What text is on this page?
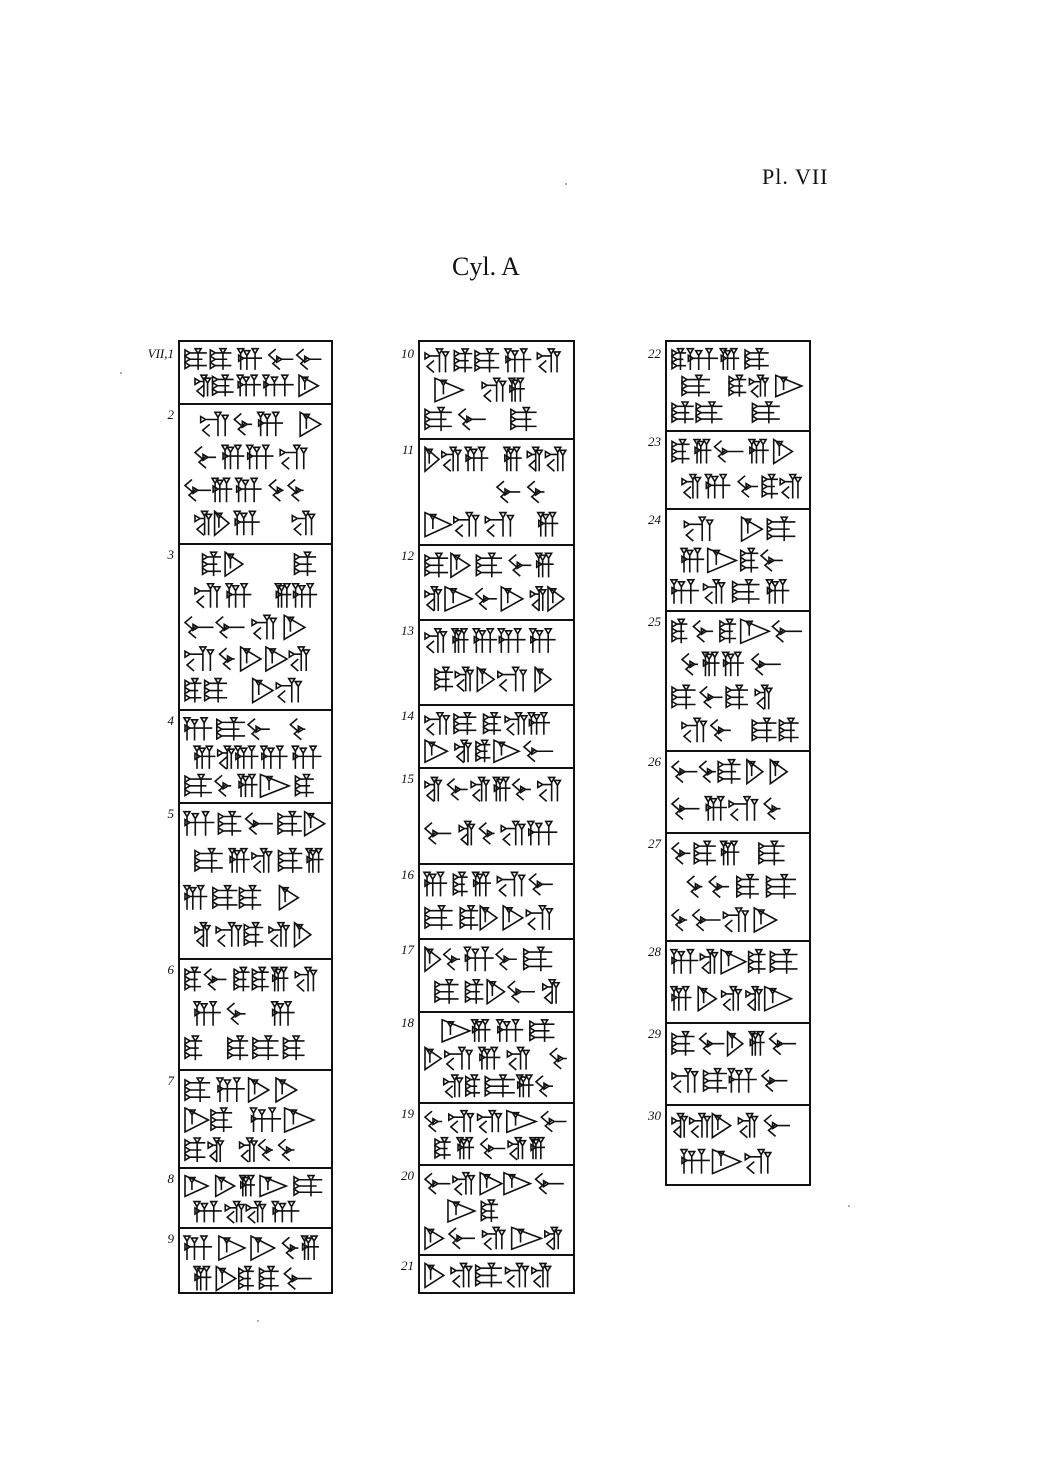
Pl. VII
Cyl. A
VII,1
2
3
4
5
6
7
8
9
10
11
12
13
14
15
16
17
18
19
20
21
22
23
24
25
26
27
28
29
30
